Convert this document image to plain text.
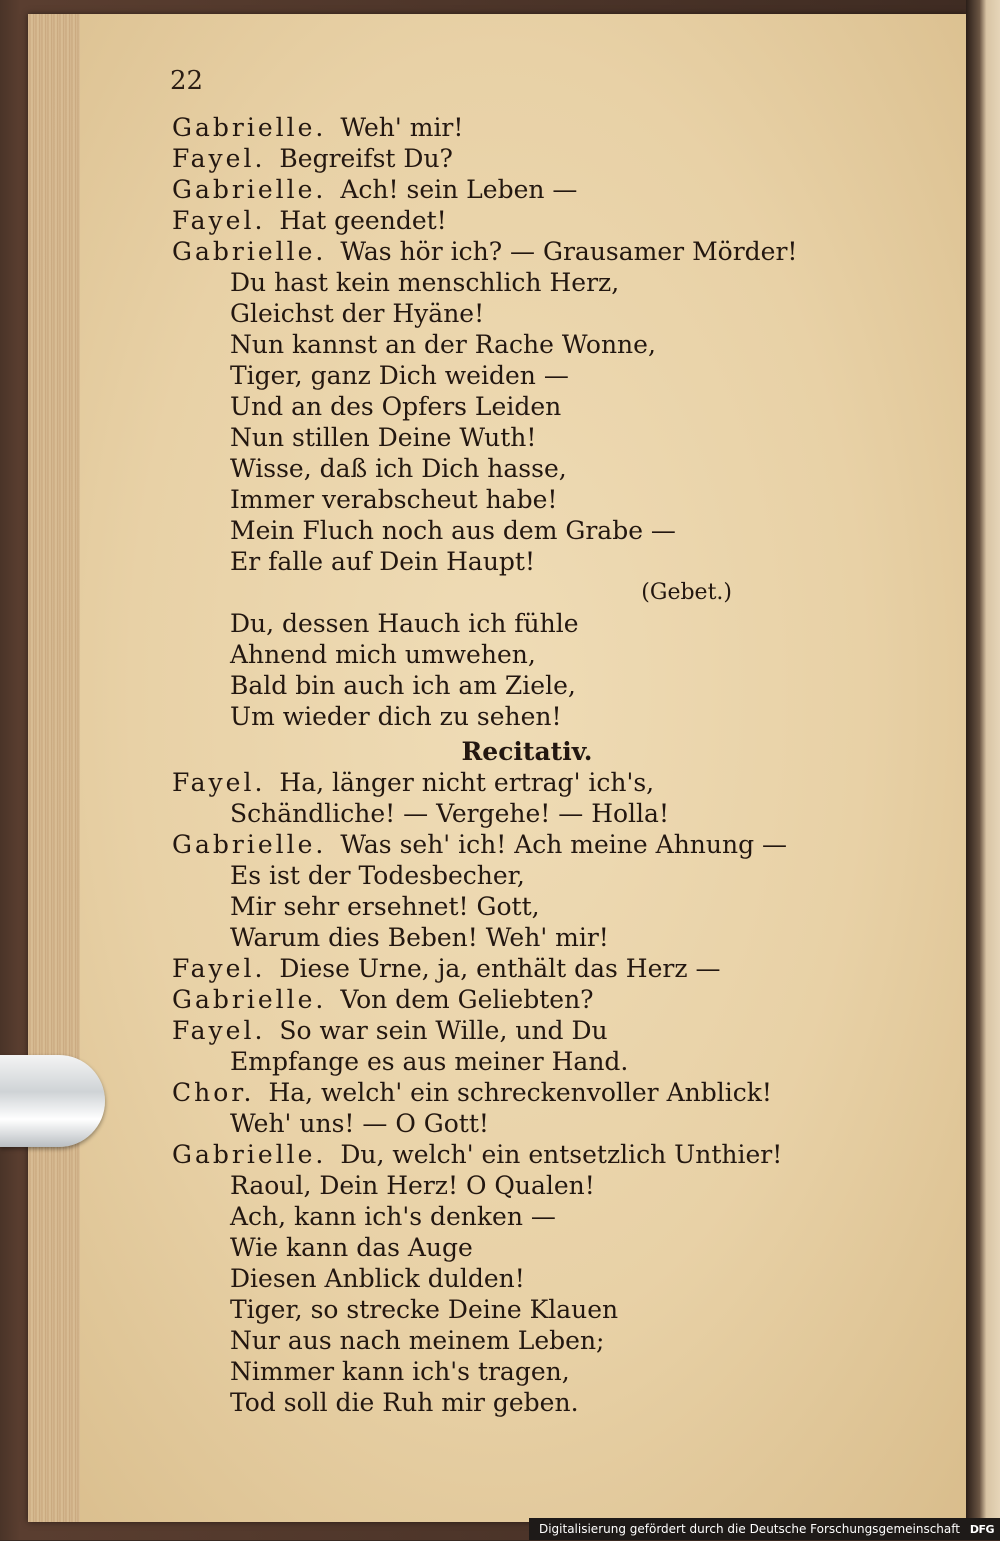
22
Gabrielle. Weh' mir!
Fayel. Begreifst Du?
Gabrielle. Ach! sein Leben —
Fayel. Hat geendet!
Gabrielle. Was hör ich? — Grausamer Mörder!
Du hast kein menschlich Herz,
Gleichst der Hyäne!
Nun kannst an der Rache Wonne,
Tiger, ganz Dich weiden —
Und an des Opfers Leiden
Nun stillen Deine Wuth!
Wisse, daß ich Dich hasse,
Immer verabscheut habe!
Mein Fluch noch aus dem Grabe —
Er falle auf Dein Haupt!
(Gebet.)
Du, dessen Hauch ich fühle
Ahnend mich umwehen,
Bald bin auch ich am Ziele,
Um wieder dich zu sehen!
Recitativ.
Fayel. Ha, länger nicht ertrag' ich's,
Schändliche! — Vergehe! — Holla!
Gabrielle. Was seh' ich! Ach meine Ahnung —
Es ist der Todesbecher,
Mir sehr ersehnet! Gott,
Warum dies Beben! Weh' mir!
Fayel. Diese Urne, ja, enthält das Herz —
Gabrielle. Von dem Geliebten?
Fayel. So war sein Wille, und Du
Empfange es aus meiner Hand.
Chor. Ha, welch' ein schreckenvoller Anblick!
Weh' uns! — O Gott!
Gabrielle. Du, welch' ein entsetzlich Unthier!
Raoul, Dein Herz! O Qualen!
Ach, kann ich's denken —
Wie kann das Auge
Diesen Anblick dulden!
Tiger, so strecke Deine Klauen
Nur aus nach meinem Leben;
Nimmer kann ich's tragen,
Tod soll die Ruh mir geben.
Digitalisierung gefördert durch die Deutsche Forschungsgemeinschaft DFG
